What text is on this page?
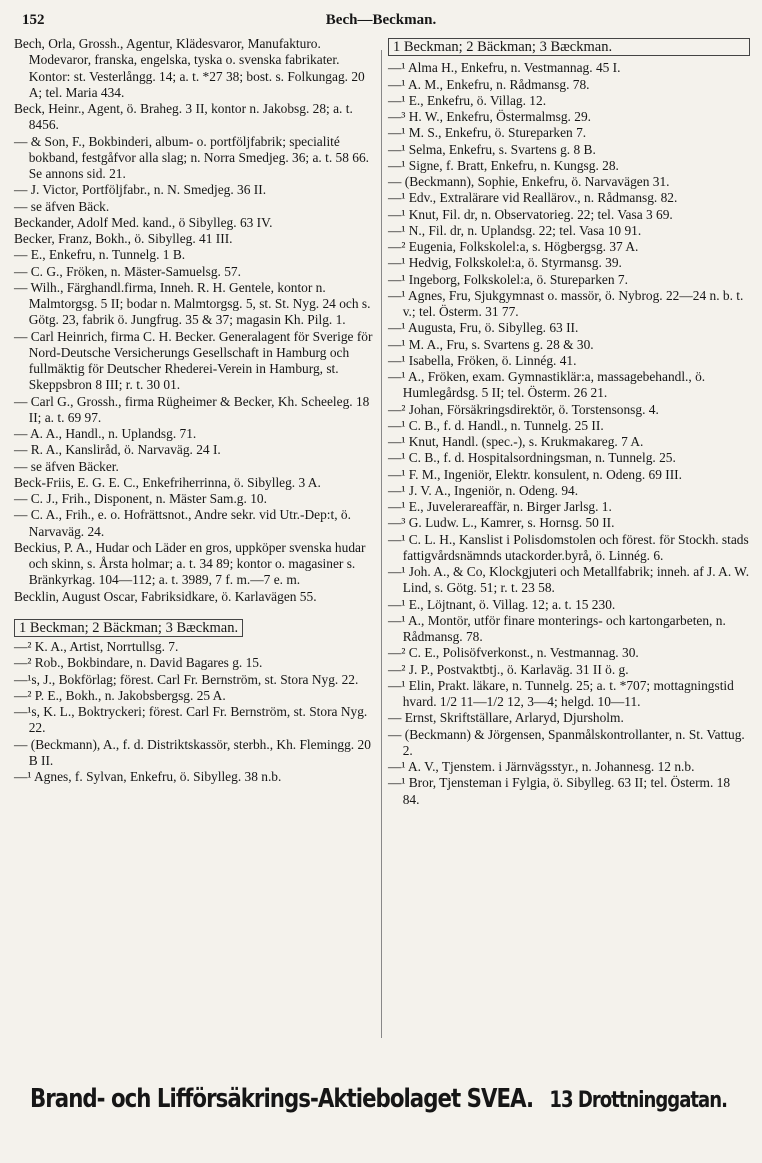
152	Bech—Beckman.
Bech, Orla, Grossh., Agentur, Klädesvaror, Manufakturo. Modevaror, franska, engelska, tyska o. svenska fabrikater. Kontor: st. Vesterlångg. 14; a. t. *27 38; bost. s. Folkungag. 20 A; tel. Maria 434.
Beck, Heinr., Agent, ö. Braheg. 3 II, kontor n. Jakobsg. 28; a. t. 8456.
— & Son, F., Bokbinderi, album- o. portföljfabrik; specialité bokband, festgåfvor alla slag; n. Norra Smedjeg. 36; a. t. 58 66. Se annons sid. 21.
— J. Victor, Portföljfabr., n. N. Smedjeg. 36 II.
— se äfven Bäck.
Beckander, Adolf Med. kand., ö Sibylleg. 63 IV.
Becker, Franz, Bokh., ö. Sibylleg. 41 III.
— E., Enkefru, n. Tunnelg. 1 B.
— C. G., Fröken, n. Mäster-Samuelsg. 57.
— Wilh., Färghandl.firma, Inneh. R. H. Gentele, kontor n. Malmtorgsg. 5 II; bodar n. Malmtorgsg. 5, st. St. Nyg. 24 och s. Götg. 23, fabrik ö. Jungfrug. 35 & 37; magasin Kh. Pilg. 1.
— Carl Heinrich, firma C. H. Becker. Generalagent för Sverige för Nord-Deutsche Versicherungs Gesellschaft in Hamburg och fullmäktig för Deutscher Rhederei-Verein in Hamburg, st. Skeppsbron 8 III; r. t. 30 01.
— Carl G., Grossh., firma Rügheimer & Becker, Kh. Scheeleg. 18 II; a. t. 69 97.
— A. A., Handl., n. Uplandsg. 71.
— R. A., Kansliråd, ö. Narvaväg. 24 I.
— se äfven Bäcker.
Beck-Friis, E. G. E. C., Enkefriherrinna, ö. Sibylleg. 3 A.
— C. J., Frih., Disponent, n. Mäster Sam.g. 10.
— C. A., Frih., e. o. Hofrättsnot., Andre sekr. vid Utr.-Dep:t, ö. Narvaväg. 24.
Beckius, P. A., Hudar och Läder en gros, uppköper svenska hudar och skinn, s. Årsta holmar; a. t. 34 89; kontor o. magasiner s. Bränkyrkag. 104—112; a. t. 3989, 7 f. m.—7 e. m.
Becklin, August Oscar, Fabriksidkare, ö. Karlavägen 55.
1 Beckman; 2 Bäckman; 3 Bæckman.
—² K. A., Artist, Norrtullsg. 7.
—² Rob., Bokbindare, n. David Bagares g. 15.
—¹s, J., Bokförlag; förest. Carl Fr. Bernström, st. Stora Nyg. 22.
—² P. E., Bokh., n. Jakobsbergsg. 25 A.
—¹s, K. L., Boktryckeri; förest. Carl Fr. Bernström, st. Stora Nyg. 22.
— (Beckmann), A., f. d. Distriktskassör, sterbh., Kh. Flemingg. 20 B II.
—¹ Agnes, f. Sylvan, Enkefru, ö. Sibylleg. 38 n.b.
1 Beckman; 2 Bäckman; 3 Bæckman.
—¹ Alma H., Enkefru, n. Vestmannag. 45 I.
—¹ A. M., Enkefru, n. Rådmansg. 78.
—¹ E., Enkefru, ö. Villag. 12.
—³ H. W., Enkefru, Östermalmsg. 29.
—¹ M. S., Enkefru, ö. Stureparken 7.
—¹ Selma, Enkefru, s. Svartens g. 8 B.
—¹ Signe, f. Bratt, Enkefru, n. Kungsg. 28.
— (Beckmann), Sophie, Enkefru, ö. Narvavägen 31.
—¹ Edv., Extralärare vid Reallärov., n. Rådmansg. 82.
—¹ Knut, Fil. dr, n. Observatorieg. 22; tel. Vasa 3 69.
—¹ N., Fil. dr, n. Uplandsg. 22; tel. Vasa 10 91.
—² Eugenia, Folkskolel:a, s. Högbergsg. 37 A.
—¹ Hedvig, Folkskolel:a, ö. Styrmansg. 39.
—¹ Ingeborg, Folkskolel:a, ö. Stureparken 7.
—¹ Agnes, Fru, Sjukgymnast o. massör, ö. Nybrog. 22—24 n. b. t. v.; tel. Österm. 31 77.
—¹ Augusta, Fru, ö. Sibylleg. 63 II.
—¹ M. A., Fru, s. Svartens g. 28 & 30.
—¹ Isabella, Fröken, ö. Linnég. 41.
—¹ A., Fröken, exam. Gymnastiklär:a, massagebehandl., ö. Humlegårdsg. 5 II; tel. Österm. 26 21.
—² Johan, Försäkringsdirektör, ö. Torstensonsg. 4.
—¹ C. B., f. d. Handl., n. Tunnelg. 25 II.
—¹ Knut, Handl. (spec.-), s. Krukmakareg. 7 A.
—¹ C. B., f. d. Hospitalsordningsman, n. Tunnelg. 25.
—¹ F. M., Ingeniör, Elektr. konsulent, n. Odeng. 69 III.
—¹ J. V. A., Ingeniör, n. Odeng. 94.
—¹ E., Juvelerareaffär, n. Birger Jarlsg. 1.
—³ G. Ludw. L., Kamrer, s. Hornsg. 50 II.
—¹ C. L. H., Kanslist i Polisdomstolen och förest. för Stockh. stads fattigvårdsnämnds utackorder.byrå, ö. Linnég. 6.
—¹ Joh. A., & Co, Klockgjuteri och Metallfabrik; inneh. af J. A. W. Lind, s. Götg. 51; r. t. 23 58.
—¹ E., Löjtnant, ö. Villag. 12; a. t. 15 230.
—¹ A., Montör, utför finare monterings- och kartongarbeten, n. Rådmansg. 78.
—² C. E., Polisöfverkonst., n. Vestmannag. 30.
—² J. P., Postvaktbtj., ö. Karlaväg. 31 II ö. g.
—¹ Elin, Prakt. läkare, n. Tunnelg. 25; a. t. *707; mottagningstid hvard. 1/2 11—1/2 12, 3—4; helgd. 10—11.
— Ernst, Skriftställare, Arlaryd, Djursholm.
— (Beckmann) & Jörgensen, Spanmålskontrollanter, n. St. Vattug. 2.
—¹ A. V., Tjenstem. i Järnvägsstyr., n. Johannesg. 12 n.b.
—¹ Bror, Tjensteman i Fylgia, ö. Sibylleg. 63 II; tel. Österm. 18 84.
Brand- och Lifförsäkrings-Aktiebolaget SVEA. 13 Drottninggatan.
